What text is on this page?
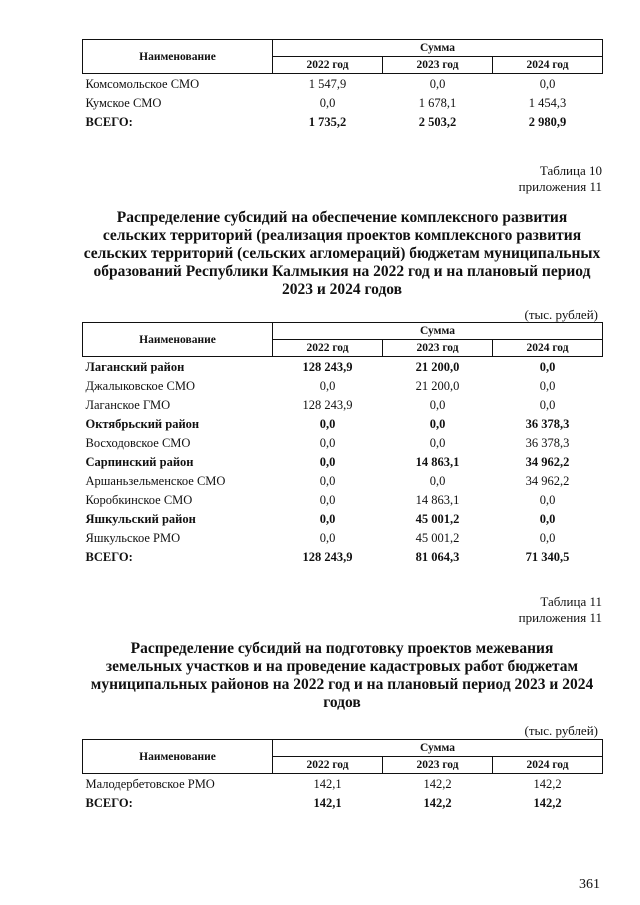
Наименование	Сумма		
	2022 год	2023 год	2024 год
Комсомольское СМО	1 547,9	0,0	0,0
Кумское СМО	0,0	1 678,1	1 454,3
ВСЕГО:	1 735,2	2 503,2	2 980,9
Таблица 10
приложения 11
Распределение субсидий на обеспечение комплексного развития
сельских территорий (реализация проектов комплексного развития
сельских территорий (сельских агломераций) бюджетам муниципальных
образований Республики Калмыкия на 2022 год и на плановый период
2023 и 2024 годов
(тыс. рублей)
Наименование	Сумма		
	2022 год	2023 год	2024 год
Лаганский район	128 243,9	21 200,0	0,0
Джалыковское СМО	0,0	21 200,0	0,0
Лаганское ГМО	128 243,9	0,0	0,0
Октябрьский район	0,0	0,0	36 378,3
Восходовское СМО	0,0	0,0	36 378,3
Сарпинский район	0,0	14 863,1	34 962,2
Аршаньзельменское СМО	0,0	0,0	34 962,2
Коробкинское СМО	0,0	14 863,1	0,0
Яшкульский район	0,0	45 001,2	0,0
Яшкульское РМО	0,0	45 001,2	0,0
ВСЕГО:	128 243,9	81 064,3	71 340,5
Таблица 11
приложения 11
Распределение субсидий на подготовку проектов межевания
земельных участков и на проведение кадастровых работ бюджетам
муниципальных районов на 2022 год и на плановый период 2023 и 2024
годов
(тыс. рублей)
Наименование	Сумма		
	2022 год	2023 год	2024 год
Малодербетовское РМО	142,1	142,2	142,2
ВСЕГО:	142,1	142,2	142,2
361
